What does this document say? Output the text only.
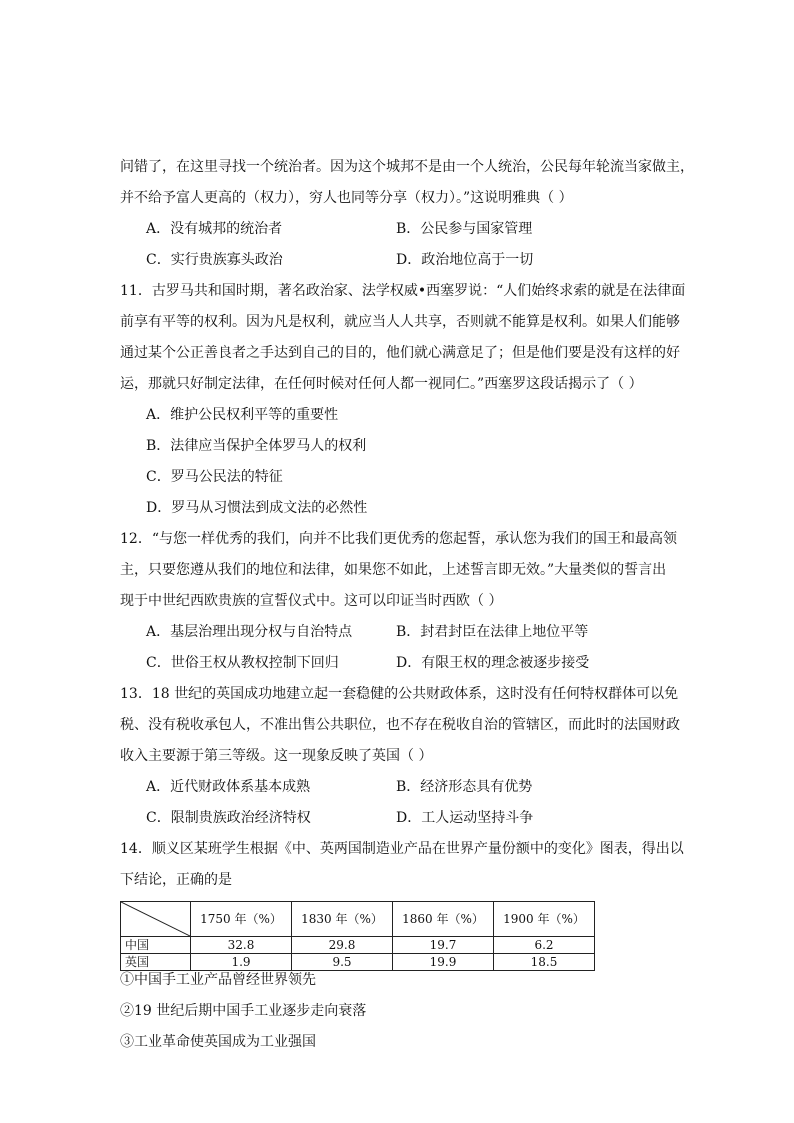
问错了，在这里寻找一个统治者。因为这个城邦不是由一个人统治，公民每年轮流当家做主，
并不给予富人更高的（权力），穷人也同等分享（权力）。”这说明雅典（ ）
A．没有城邦的统治者	B．公民参与国家管理
C．实行贵族寡头政治	D．政治地位高于一切
11．古罗马共和国时期，著名政治家、法学权威•西塞罗说：“人们始终求索的就是在法律面
前享有平等的权利。因为凡是权利，就应当人人共享，否则就不能算是权利。如果人们能够
通过某个公正善良者之手达到自己的目的，他们就心满意足了；但是他们要是没有这样的好
运，那就只好制定法律，在任何时候对任何人都一视同仁。”西塞罗这段话揭示了（ ）
A．维护公民权利平等的重要性
B．法律应当保护全体罗马人的权利
C．罗马公民法的特征
D．罗马从习惯法到成文法的必然性
12．“与您一样优秀的我们，向并不比我们更优秀的您起誓，承认您为我们的国王和最高领
主，只要您遵从我们的地位和法律，如果您不如此，上述誓言即无效。”大量类似的誓言出
现于中世纪西欧贵族的宣誓仪式中。这可以印证当时西欧（ ）
A．基层治理出现分权与自治特点	B．封君封臣在法律上地位平等
C．世俗王权从教权控制下回归	D．有限王权的理念被逐步接受
13．18 世纪的英国成功地建立起一套稳健的公共财政体系，这时没有任何特权群体可以免
税、没有税收承包人，不准出售公共职位，也不存在税收自治的管辖区，而此时的法国财政
收入主要源于第三等级。这一现象反映了英国（ ）
A．近代财政体系基本成熟	B．经济形态具有优势
C．限制贵族政治经济特权	D．工人运动坚持斗争
14．顺义区某班学生根据《中、英两国制造业产品在世界产量份额中的变化》图表，得出以
	1750 年（%）	1830 年（%）	1860 年（%）	1900 年（%）
中国	32.8	29.8	19.7	6.2
英国	1.9	9.5	19.9	18.5
①中国手工业产品曾经世界领先
②19 世纪后期中国手工业逐步走向衰落
③工业革命使英国成为工业强国
下结论，正确的是
